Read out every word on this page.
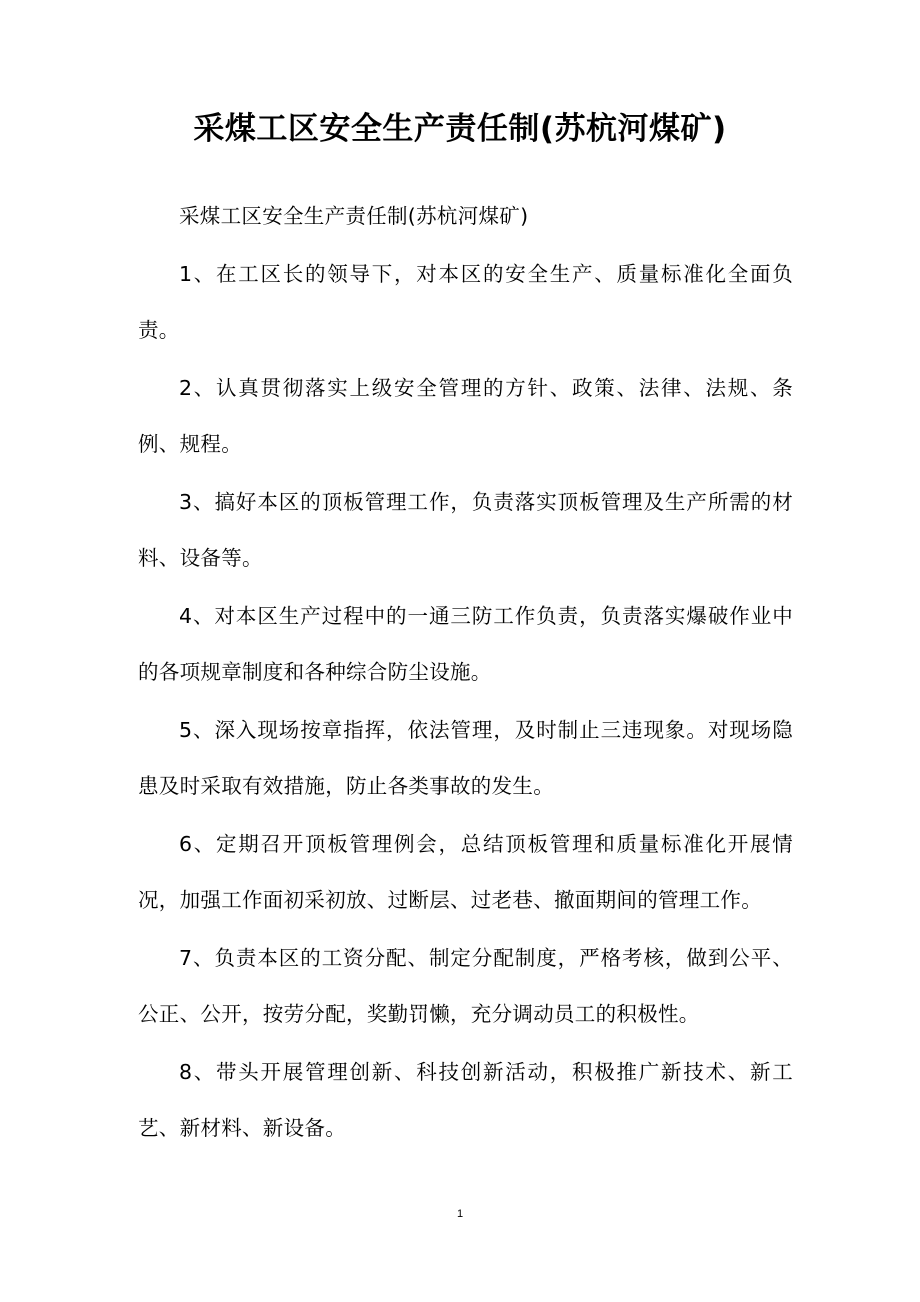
采煤工区安全生产责任制(苏杭河煤矿)

采煤工区安全生产责任制(苏杭河煤矿)

1、在工区长的领导下，对本区的安全生产、质量标准化全面负责。

2、认真贯彻落实上级安全管理的方针、政策、法律、法规、条例、规程。

3、搞好本区的顶板管理工作，负责落实顶板管理及生产所需的材料、设备等。

4、对本区生产过程中的一通三防工作负责，负责落实爆破作业中的各项规章制度和各种综合防尘设施。

5、深入现场按章指挥，依法管理，及时制止三违现象。对现场隐患及时采取有效措施，防止各类事故的发生。

6、定期召开顶板管理例会，总结顶板管理和质量标准化开展情况，加强工作面初采初放、过断层、过老巷、撤面期间的管理工作。

7、负责本区的工资分配、制定分配制度，严格考核，做到公平、公正、公开，按劳分配，奖勤罚懒，充分调动员工的积极性。

8、带头开展管理创新、科技创新活动，积极推广新技术、新工艺、新材料、新设备。

1
